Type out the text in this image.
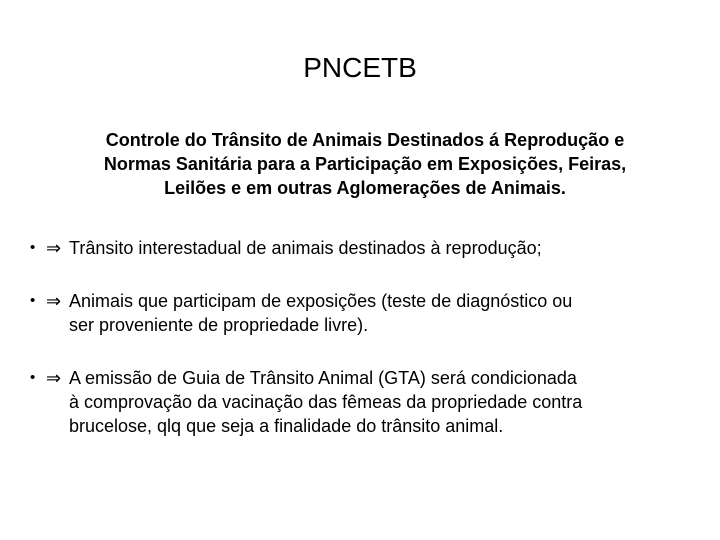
PNCETB
Controle do Trânsito de Animais Destinados á Reprodução e
Normas Sanitária para a Participação em Exposições, Feiras,
Leilões e em outras Aglomerações de Animais.
• ⇒ Trânsito interestadual de animais destinados à reprodução;
• ⇒ Animais que participam de exposições (teste de diagnóstico ou
ser proveniente de propriedade livre).
• ⇒ A emissão de Guia de Trânsito Animal (GTA) será condicionada
à comprovação da vacinação das fêmeas da propriedade contra
brucelose, qlq que seja a finalidade do trânsito animal.
